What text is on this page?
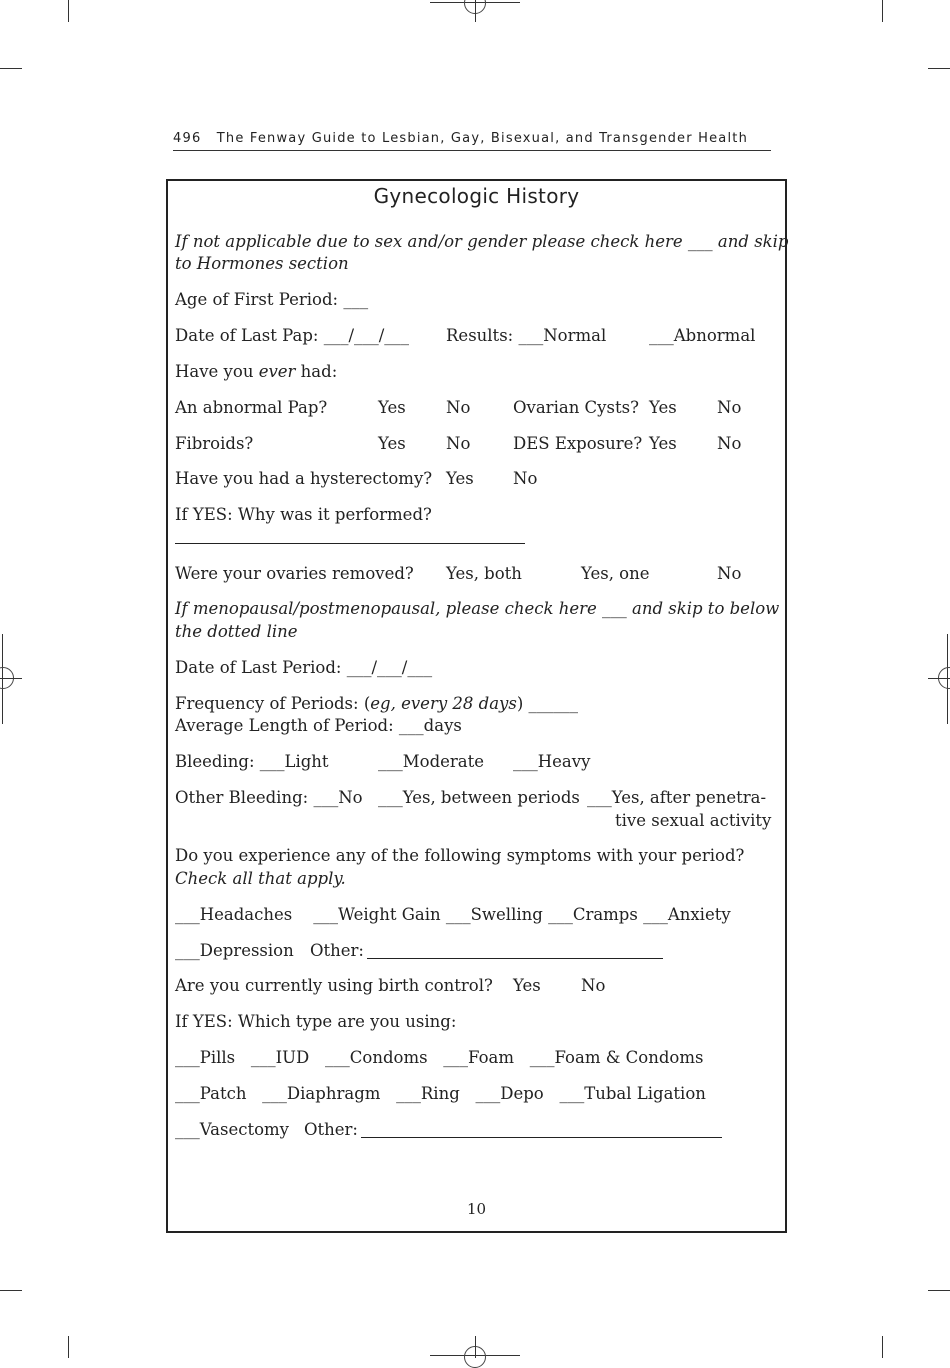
496 The Fenway Guide to Lesbian, Gay, Bisexual, and Transgender Health
Gynecologic History
If not applicable due to sex and/or gender please check here ___ and skip
to Hormones section
Age of First Period: ___
Date of Last Pap: ___/___/___ Results: ___Normal	___Abnormal
Have you ever had:
An abnormal Pap?	Yes No	Ovarian Cysts? Yes No
Fibroids?	Yes No	DES Exposure? Yes No
Have you had a hysterectomy? Yes No
If YES: Why was it performed?
Were your ovaries removed? Yes, both	Yes, one	No
If menopausal/postmenopausal, please check here ___ and skip to below
the dotted line
Date of Last Period: ___/___/___
Frequency of Periods: (eg, every 28 days) ______
Average Length of Period: ___days
Bleeding: ___Light	___Moderate ___Heavy
Other Bleeding: ___No ___Yes, between periods ___Yes, after penetra-
tive sexual activity
Do you experience any of the following symptoms with your period?
Check all that apply.
___Headaches    ___Weight Gain ___Swelling ___Cramps ___Anxiety
___Depression Other:
Are you currently using birth control? Yes No
If YES: Which type are you using:
___Pills   ___IUD   ___Condoms   ___Foam   ___Foam & Condoms
___Patch   ___Diaphragm   ___Ring   ___Depo   ___Tubal Ligation
___Vasectomy Other:
10
